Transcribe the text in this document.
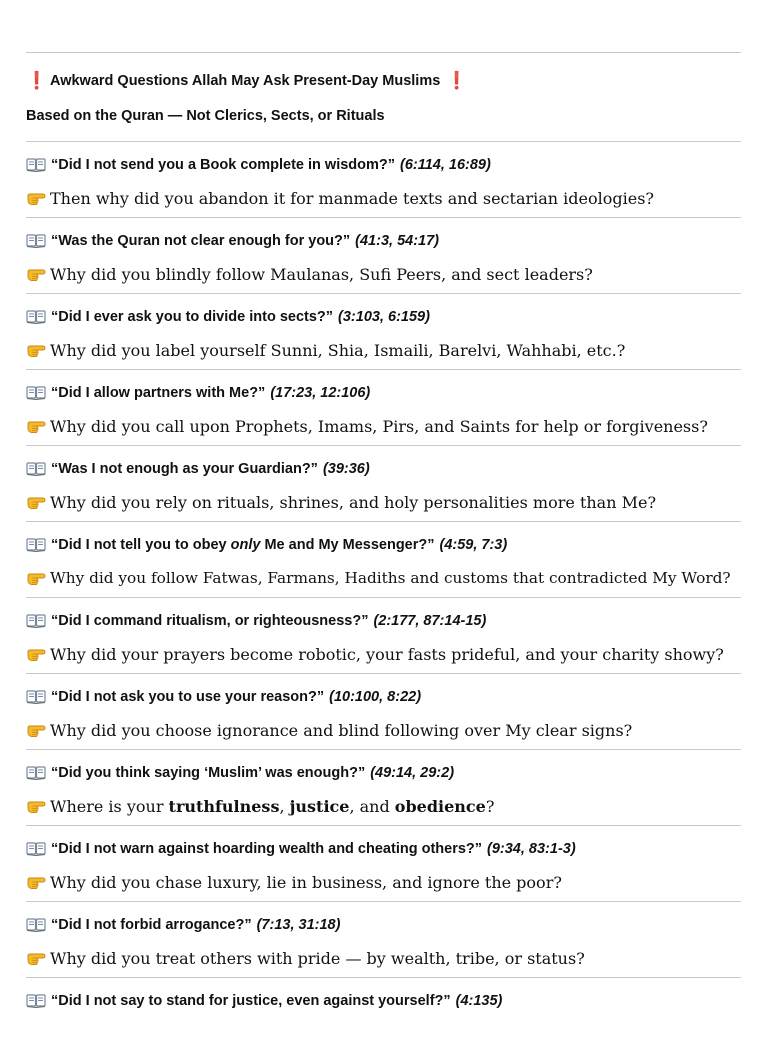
❗ Awkward Questions Allah May Ask Present-Day Muslims ❗
Based on the Quran — Not Clerics, Sects, or Rituals
“Did I not send you a Book complete in wisdom?” (6:114, 16:89)
Then why did you abandon it for manmade texts and sectarian ideologies?
“Was the Quran not clear enough for you?” (41:3, 54:17)
Why did you blindly follow Maulanas, Sufi Peers, and sect leaders?
“Did I ever ask you to divide into sects?” (3:103, 6:159)
Why did you label yourself Sunni, Shia, Ismaili, Barelvi, Wahhabi, etc.?
“Did I allow partners with Me?” (17:23, 12:106)
Why did you call upon Prophets, Imams, Pirs, and Saints for help or forgiveness?
“Was I not enough as your Guardian?” (39:36)
Why did you rely on rituals, shrines, and holy personalities more than Me?
“Did I not tell you to obey only Me and My Messenger?” (4:59, 7:3)
Why did you follow Fatwas, Farmans, Hadiths and customs that contradicted My Word?
“Did I command ritualism, or righteousness?” (2:177, 87:14-15)
Why did your prayers become robotic, your fasts prideful, and your charity showy?
“Did I not ask you to use your reason?” (10:100, 8:22)
Why did you choose ignorance and blind following over My clear signs?
“Did you think saying ‘Muslim’ was enough?” (49:14, 29:2)
Where is your truthfulness, justice, and obedience?
“Did I not warn against hoarding wealth and cheating others?” (9:34, 83:1-3)
Why did you chase luxury, lie in business, and ignore the poor?
“Did I not forbid arrogance?” (7:13, 31:18)
Why did you treat others with pride — by wealth, tribe, or status?
“Did I not say to stand for justice, even against yourself?” (4:135)
